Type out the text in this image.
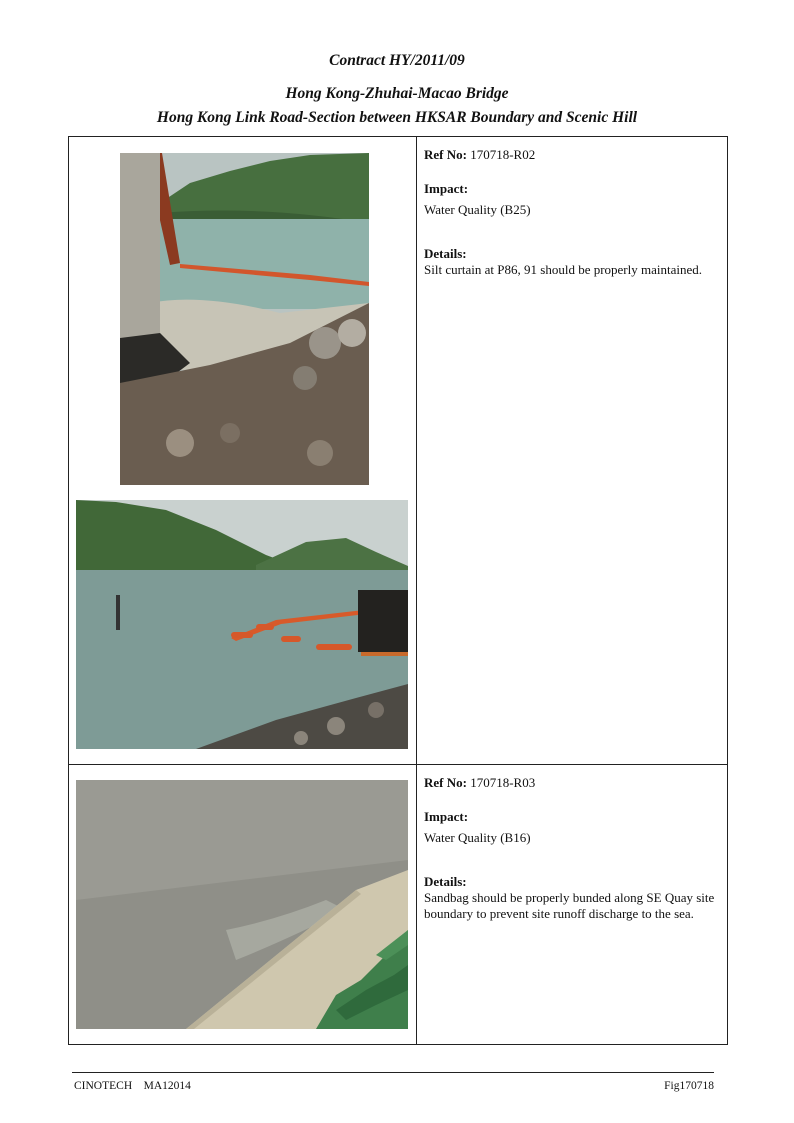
Contract HY/2011/09
Hong Kong-Zhuhai-Macao Bridge
Hong Kong Link Road-Section between HKSAR Boundary and Scenic Hill

Ref No: 170718-R02
Impact:
Water Quality (B25)
Details:
Silt curtain at P86, 91 should be properly maintained.

Ref No: 170718-R03
Impact:
Water Quality (B16)
Details:
Sandbag should be properly bunded along SE Quay site boundary to prevent site runoff discharge to the sea.
CINOTECH    MA12014	Fig170718
